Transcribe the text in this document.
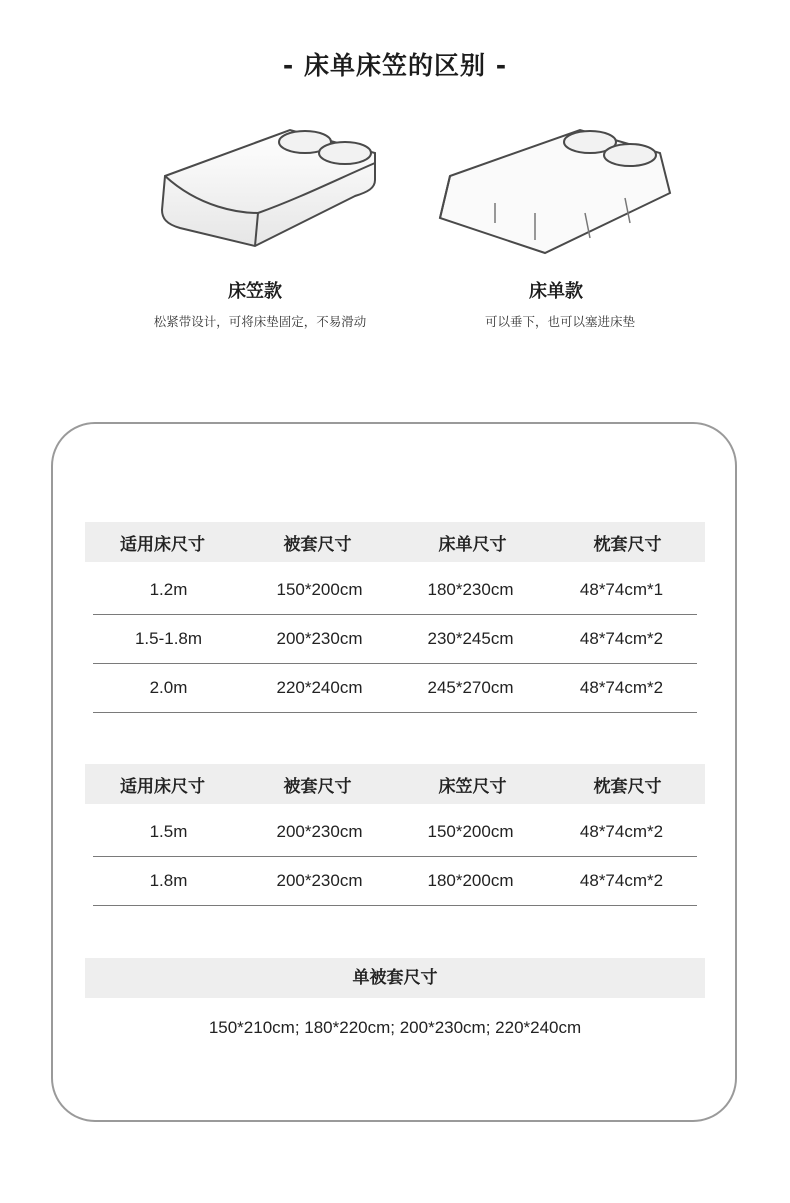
- 床单床笠的区别 -
床笠款
松紧带设计，可将床垫固定，不易滑动
床单款
可以垂下，也可以塞进床垫
适用床尺寸	被套尺寸	床单尺寸	枕套尺寸
1.2m	150*200cm	180*230cm	48*74cm*1
1.5-1.8m	200*230cm	230*245cm	48*74cm*2
2.0m	220*240cm	245*270cm	48*74cm*2
适用床尺寸	被套尺寸	床笠尺寸	枕套尺寸
1.5m	200*230cm	150*200cm	48*74cm*2
1.8m	200*230cm	180*200cm	48*74cm*2
单被套尺寸
150*210cm; 180*220cm; 200*230cm; 220*240cm
